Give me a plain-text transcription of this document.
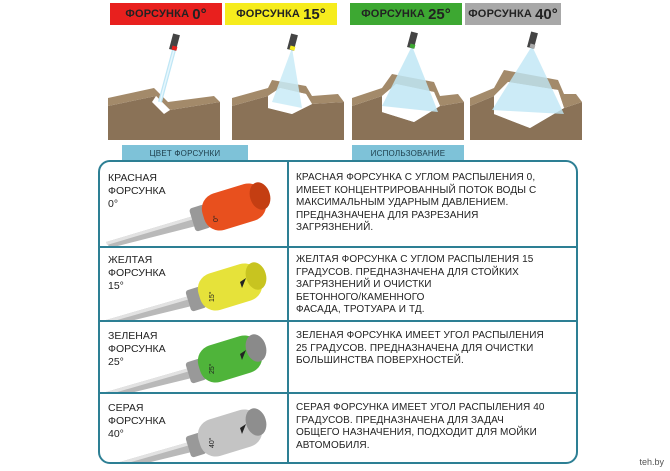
ФОРСУНКА 0°	ФОРСУНКА 15°	ФОРСУНКА 25° ФОРСУНКА 40°
ЦВЕТ ФОРСУНКИ	ИСПОЛЬЗОВАНИЕ
КРАСНАЯ
ФОРСУНКА
0°
0°
КРАСНАЯ ФОРСУНКА С УГЛОМ РАСПЫЛЕНИЯ 0,
ИМЕЕТ КОНЦЕНТРИРОВАННЫЙ ПОТОК ВОДЫ С
МАКСИМАЛЬНЫМ УДАРНЫМ ДАВЛЕНИЕМ.
ПРЕДНАЗНАЧЕНА ДЛЯ РАЗРЕЗАНИЯ
ЗАГРЯЗНЕНИЙ.
ЖЕЛТАЯ
ФОРСУНКА
15°
15°
ЖЕЛТАЯ ФОРСУНКА С УГЛОМ РАСПЫЛЕНИЯ 15
ГРАДУСОВ. ПРЕДНАЗНАЧЕНА ДЛЯ СТОЙКИХ
ЗАГРЯЗНЕНИЙ И ОЧИСТКИ
БЕТОННОГО/КАМЕННОГО
ФАСАДА, ТРОТУАРА И ТД.
ЗЕЛЕНАЯ
ФОРСУНКА
25°
25°
ЗЕЛЕНАЯ ФОРСУНКА ИМЕЕТ УГОЛ РАСПЫЛЕНИЯ
25 ГРАДУСОВ. ПРЕДНАЗНАЧЕНА ДЛЯ ОЧИСТКИ
БОЛЬШИНСТВА ПОВЕРХНОСТЕЙ.
СЕРАЯ
ФОРСУНКА
40°
40°
СЕРАЯ ФОРСУНКА ИМЕЕТ УГОЛ РАСПЫЛЕНИЯ 40
ГРАДУСОВ. ПРЕДНАЗНАЧЕНА ДЛЯ ЗАДАЧ
ОБЩЕГО НАЗНАЧЕНИЯ, ПОДХОДИТ ДЛЯ МОЙКИ
АВТОМОБИЛЯ.
teh.by
